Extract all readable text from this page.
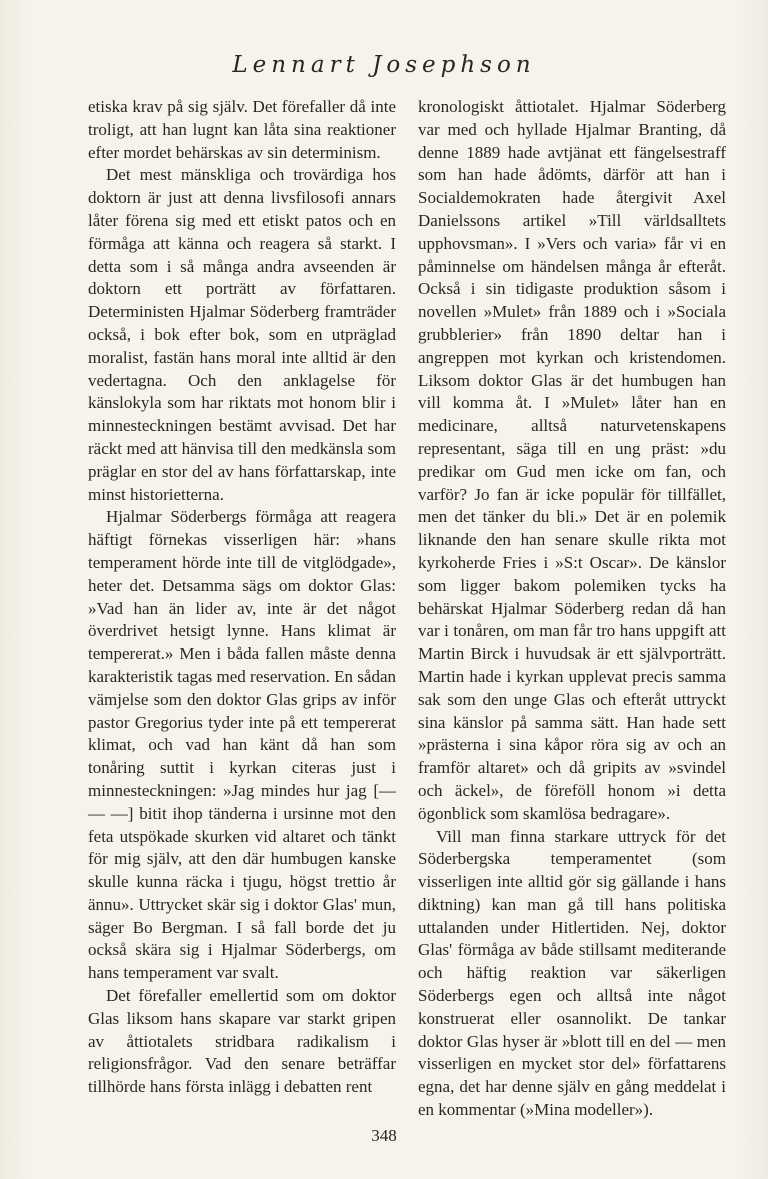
Lennart Josephson

etiska krav på sig själv. Det förefaller då inte troligt, att han lugnt kan låta sina reaktioner efter mordet behärskas av sin determinism.

Det mest mänskliga och trovärdiga hos doktorn är just att denna livsfilosofi annars låter förena sig med ett etiskt patos och en förmåga att känna och reagera så starkt. I detta som i så många andra avseenden är doktorn ett porträtt av författaren. Deterministen Hjalmar Söderberg framträder också, i bok efter bok, som en utpräglad moralist, fastän hans moral inte alltid är den vedertagna. Och den anklagelse för känslokyla som har riktats mot honom blir i minnesteckningen bestämt avvisad. Det har räckt med att hänvisa till den medkänsla som präglar en stor del av hans författarskap, inte minst historietterna.

Hjalmar Söderbergs förmåga att reagera häftigt förnekas visserligen här: »hans temperament hörde inte till de vitglödgade», heter det. Detsamma sägs om doktor Glas: »Vad han än lider av, inte är det något överdrivet hetsigt lynne. Hans klimat är tempererat.» Men i båda fallen måste denna karakteristik tagas med reservation. En sådan vämjelse som den doktor Glas grips av inför pastor Gregorius tyder inte på ett tempererat klimat, och vad han känt då han som tonåring suttit i kyrkan citeras just i minnesteckningen: »Jag mindes hur jag [— — —] bitit ihop tänderna i ursinne mot den feta utspökade skurken vid altaret och tänkt för mig själv, att den där humbugen kanske skulle kunna räcka i tjugu, högst trettio år ännu». Uttrycket skär sig i doktor Glas' mun, säger Bo Bergman. I så fall borde det ju också skära sig i Hjalmar Söderbergs, om hans temperament var svalt.

Det förefaller emellertid som om doktor Glas liksom hans skapare var starkt gripen av åttiotalets stridbara radikalism i religionsfrågor. Vad den senare beträffar tillhörde hans första inlägg i debatten rent

kronologiskt åttiotalet. Hjalmar Söderberg var med och hyllade Hjalmar Branting, då denne 1889 hade avtjänat ett fängelsestraff som han hade ådömts, därför att han i Socialdemokraten hade återgivit Axel Danielssons artikel »Till världsalltets upphovsman». I »Vers och varia» får vi en påminnelse om händelsen många år efteråt. Också i sin tidigaste produktion såsom i novellen »Mulet» från 1889 och i »Sociala grubblerier» från 1890 deltar han i angreppen mot kyrkan och kristendomen. Liksom doktor Glas är det humbugen han vill komma åt. I »Mulet» låter han en medicinare, alltså naturvetenskapens representant, säga till en ung präst: »du predikar om Gud men icke om fan, och varför? Jo fan är icke populär för tillfället, men det tänker du bli.» Det är en polemik liknande den han senare skulle rikta mot kyrkoherde Fries i »S:t Oscar». De känslor som ligger bakom polemiken tycks ha behärskat Hjalmar Söderberg redan då han var i tonåren, om man får tro hans uppgift att Martin Birck i huvudsak är ett självporträtt. Martin hade i kyrkan upplevat precis samma sak som den unge Glas och efteråt uttryckt sina känslor på samma sätt. Han hade sett »prästerna i sina kåpor röra sig av och an framför altaret» och då gripits av »svindel och äckel», de föreföll honom »i detta ögonblick som skamlösa bedragare».

Vill man finna starkare uttryck för det Söderbergska temperamentet (som visserligen inte alltid gör sig gällande i hans diktning) kan man gå till hans politiska uttalanden under Hitlertiden. Nej, doktor Glas' förmåga av både stillsamt mediterande och häftig reaktion var säkerligen Söderbergs egen och alltså inte något konstruerat eller osannolikt. De tankar doktor Glas hyser är »blott till en del — men visserligen en mycket stor del» författarens egna, det har denne själv en gång meddelat i en kommentar (»Mina modeller»).

348
